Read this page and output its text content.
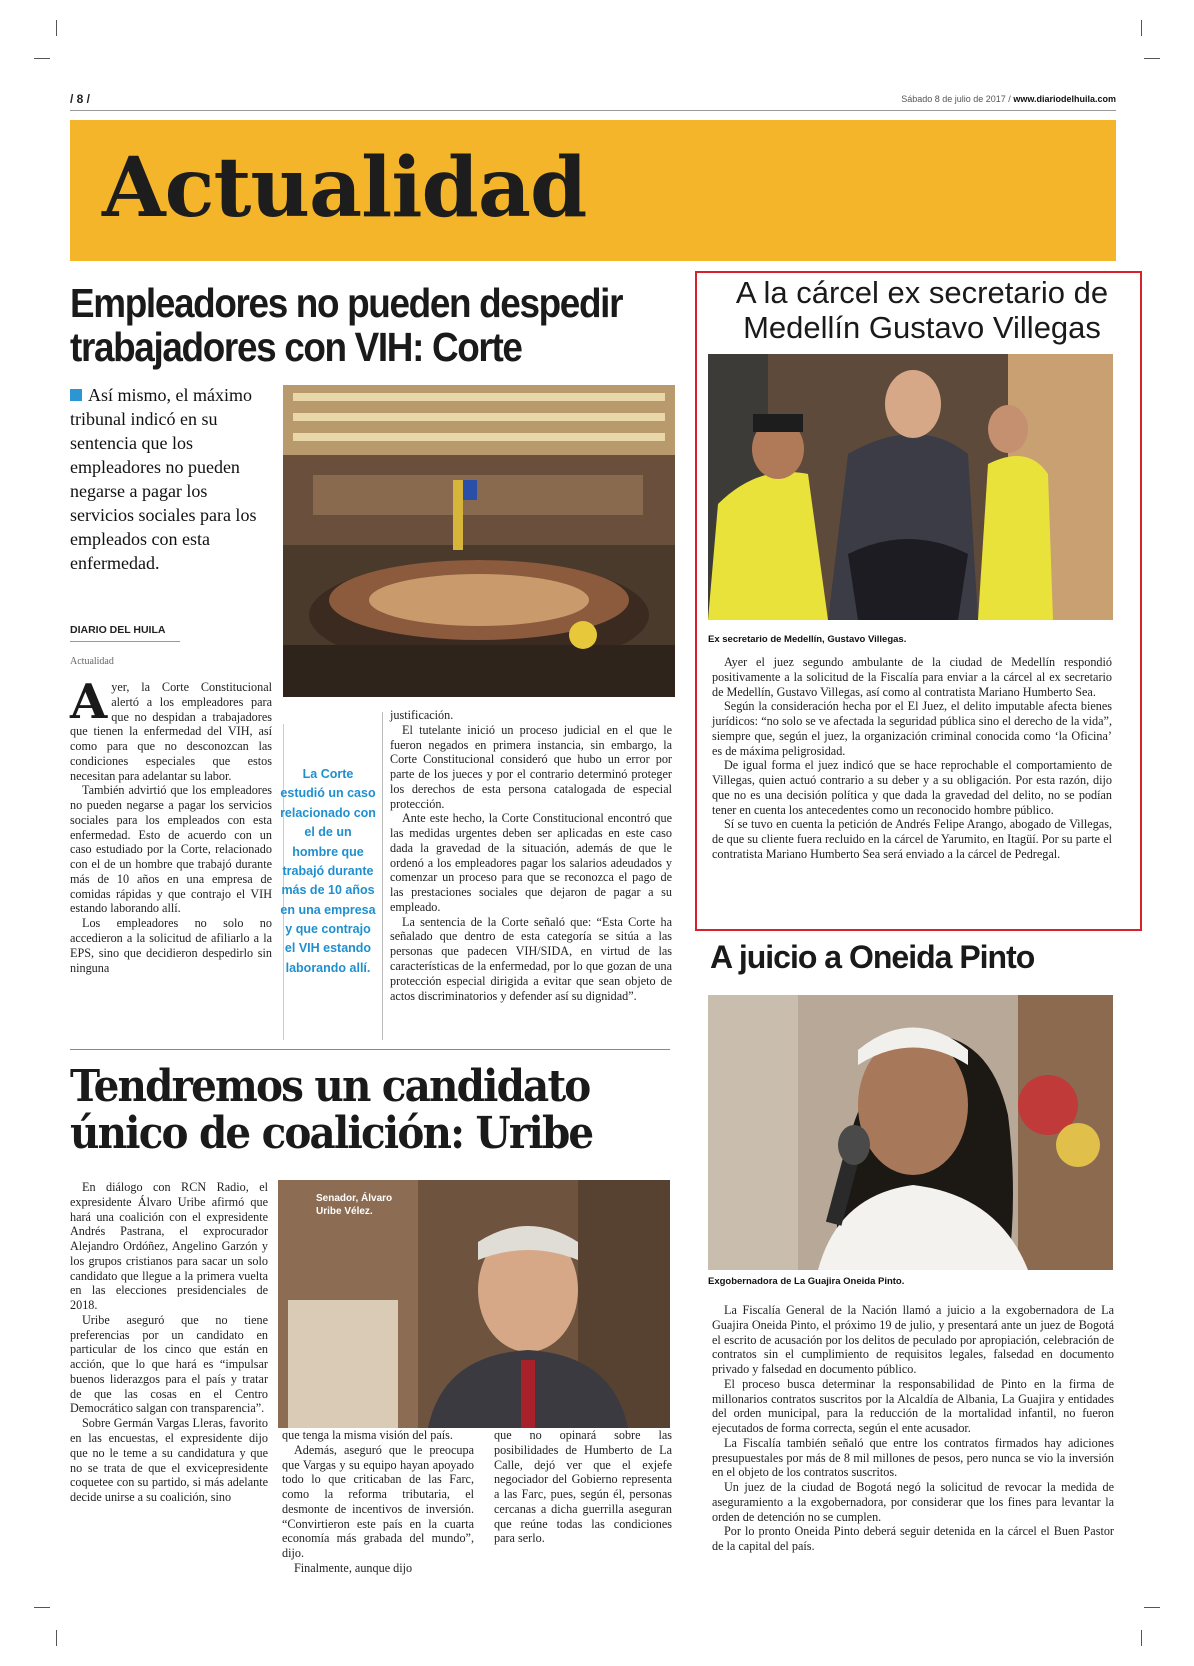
/ 8 /	Sábado 8 de julio de 2017 / www.diariodelhuila.com
Actualidad
Empleadores no pueden despedir trabajadores con VIH: Corte
Así mismo, el máximo tribunal indicó en su sentencia que los empleadores no pueden negarse a pagar los servicios sociales para los empleados con esta enfermedad.
DIARIO DEL HUILA
Actualidad
A yer, la Corte Constitucional alertó a los empleadores para que no despidan a trabajadores que tienen la enfermedad del VIH, así como para que no desconozcan las condiciones especiales que estos necesitan para adelantar su labor.

También advirtió que los empleadores no pueden negarse a pagar los servicios sociales para los empleados con esta enfermedad. Esto de acuerdo con un caso estudiado por la Corte, relacionado con el de un hombre que trabajó durante más de 10 años en una empresa de comidas rápidas y que contrajo el VIH estando laborando allí.

Los empleadores no solo no accedieron a la solicitud de afiliarlo a la EPS, sino que decidieron despedirlo sin ninguna

La Corte estudió un caso relacionado con el de un hombre que trabajó durante más de 10 años en una empresa y que contrajo el VIH estando laborando allí.

justificación.

El tutelante inició un proceso judicial en el que le fueron negados en primera instancia, sin embargo, la Corte Constitucional consideró que hubo un error por parte de los jueces y por el contrario determinó proteger los derechos de esta persona catalogada de especial protección.

Ante este hecho, la Corte Constitucional encontró que las medidas urgentes deben ser aplicadas en este caso dada la gravedad de la situación, además de que le ordenó a los empleadores pagar los salarios adeudados y comenzar un proceso para que se reconozca el pago de las prestaciones sociales que dejaron de pagar a su empleado.

La sentencia de la Corte señaló que: “Esta Corte ha señalado que dentro de esta categoría se sitúa a las personas que padecen VIH/SIDA, en virtud de las características de la enfermedad, por lo que gozan de una protección especial dirigida a evitar que sean objeto de actos discriminatorios y defender así su dignidad”.

Tendremos un candidato único de coalición: Uribe

En diálogo con RCN Radio, el expresidente Álvaro Uribe afirmó que hará una coalición con el expresidente Andrés Pastrana, el exprocurador Alejandro Ordóñez, Angelino Garzón y los grupos cristianos para sacar un solo candidato que llegue a la primera vuelta en las elecciones presidenciales de 2018.

Uribe aseguró que no tiene preferencias por un candidato en particular de los cinco que están en acción, que lo que hará es “impulsar buenos liderazgos para el país y tratar de que las cosas en el Centro Democrático salgan con transparencia”.

Sobre Germán Vargas Lleras, favorito en las encuestas, el expresidente dijo que no le teme a su candidatura y que no se trata de que el exvicepresidente coquetee con su partido, si más adelante decide unirse a su coalición, sino

Senador, Álvaro Uribe Vélez.

que tenga la misma visión del país.

Además, aseguró que le preocupa que Vargas y su equipo hayan apoyado todo lo que criticaban de las Farc, como la reforma tributaria, el desmonte de incentivos de inversión. “Convirtieron este país en la cuarta economía más grabada del mundo”, dijo.

Finalmente, aunque dijo

que no opinará sobre las posibilidades de Humberto de La Calle, dejó ver que el exjefe negociador del Gobierno representa a las Farc, pues, según él, personas cercanas a dicha guerrilla aseguran que reúne todas las condiciones para serlo.

A la cárcel ex secretario de Medellín Gustavo Villegas
Ex secretario de Medellín, Gustavo Villegas.

Ayer el juez segundo ambulante de la ciudad de Medellín respondió positivamente a la solicitud de la Fiscalía para enviar a la cárcel al ex secretario de Medellín, Gustavo Villegas, así como al contratista Mariano Humberto Sea.

Según la consideración hecha por el El Juez, el delito imputable afecta bienes jurídicos: “no solo se ve afectada la seguridad pública sino el derecho de la vida”, siempre que, según el juez, la organización criminal conocida como ‘la Oficina’ es de máxima peligrosidad.

De igual forma el juez indicó que se hace reprochable el comportamiento de Villegas, quien actuó contrario a su deber y a su obligación. Por esta razón, dijo que no es una decisión política y que dada la gravedad del delito, no se podían tener en cuenta los antecedentes como un reconocido hombre público.

Sí se tuvo en cuenta la petición de Andrés Felipe Arango, abogado de Villegas, de que su cliente fuera recluido en la cárcel de Yarumito, en Itagüí. Por su parte el contratista Mariano Humberto Sea será enviado a la cárcel de Pedregal.

A juicio a Oneida Pinto
Exgobernadora de La Guajira Oneida Pinto.

La Fiscalía General de la Nación llamó a juicio a la exgobernadora de La Guajira Oneida Pinto, el próximo 19 de julio, y presentará ante un juez de Bogotá el escrito de acusación por los delitos de peculado por apropiación, celebración de contratos sin el cumplimiento de requisitos legales, falsedad en documento privado y falsedad en documento público.

El proceso busca determinar la responsabilidad de Pinto en la firma de millonarios contratos suscritos por la Alcaldía de Albania, La Guajira y entidades del orden municipal, para la reducción de la mortalidad infantil, no fueron ejecutados de forma correcta, según el ente acusador.

La Fiscalía también señaló que entre los contratos firmados hay adiciones presupuestales por más de 8 mil millones de pesos, pero nunca se vio la inversión en el objeto de los contratos suscritos.

Un juez de la ciudad de Bogotá negó la solicitud de revocar la medida de aseguramiento a la exgobernadora, por considerar que los fines para levantar la orden de detención no se cumplen.

Por lo pronto Oneida Pinto deberá seguir detenida en la cárcel el Buen Pastor de la capital del país.
